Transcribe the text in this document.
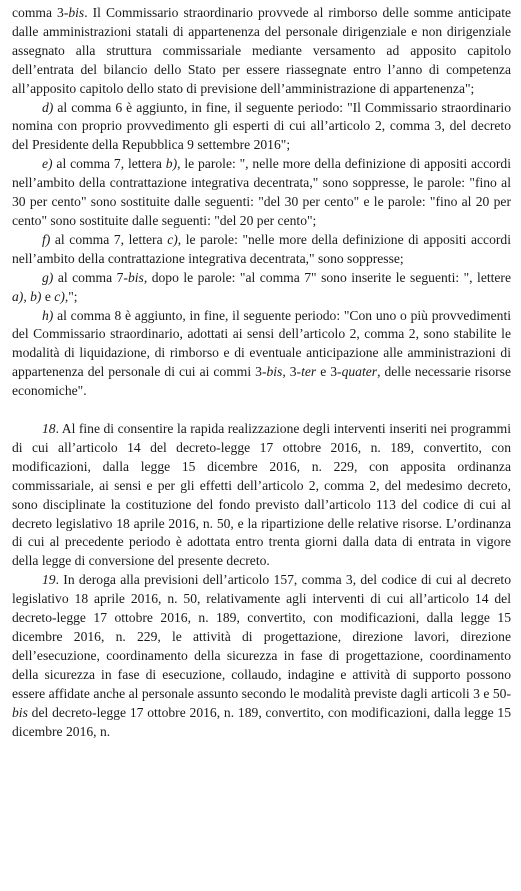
comma 3-bis. Il Commissario straordinario provvede al rimborso delle somme anticipate dalle amministrazioni statali di appartenenza del personale dirigenziale e non dirigenziale assegnato alla struttura commissariale mediante versamento ad apposito capitolo dell’entrata del bilancio dello Stato per essere riassegnate entro l’anno di competenza all’apposito capitolo dello stato di previsione dell’amministrazione di appartenenza";

d) al comma 6 è aggiunto, in fine, il seguente periodo: "Il Commissario straordinario nomina con proprio provvedimento gli esperti di cui all’articolo 2, comma 3, del decreto del Presidente della Repubblica 9 settembre 2016";

e) al comma 7, lettera b), le parole: ", nelle more della definizione di appositi accordi nell’ambito della contrattazione integrativa decentrata," sono soppresse, le parole: "fino al 30 per cento" sono sostituite dalle seguenti: "del 30 per cento" e le parole: "fino al 20 per cento" sono sostituite dalle seguenti: "del 20 per cento";

f) al comma 7, lettera c), le parole: "nelle more della definizione di appositi accordi nell’ambito della contrattazione integrativa decentrata," sono soppresse;

g) al comma 7-bis, dopo le parole: "al comma 7" sono inserite le seguenti: ", lettere a), b) e c),";

h) al comma 8 è aggiunto, in fine, il seguente periodo: "Con uno o più provvedimenti del Commissario straordinario, adottati ai sensi dell’articolo 2, comma 2, sono stabilite le modalità di liquidazione, di rimborso e di eventuale anticipazione alle amministrazioni di appartenenza del personale di cui ai commi 3-bis, 3-ter e 3-quater, delle necessarie risorse economiche".

18. Al fine di consentire la rapida realizzazione degli interventi inseriti nei programmi di cui all’articolo 14 del decreto-legge 17 ottobre 2016, n. 189, convertito, con modificazioni, dalla legge 15 dicembre 2016, n. 229, con apposita ordinanza commissariale, ai sensi e per gli effetti dell’articolo 2, comma 2, del medesimo decreto, sono disciplinate la costituzione del fondo previsto dall’articolo 113 del codice di cui al decreto legislativo 18 aprile 2016, n. 50, e la ripartizione delle relative risorse. L’ordinanza di cui al precedente periodo è adottata entro trenta giorni dalla data di entrata in vigore della legge di conversione del presente decreto.

19. In deroga alla previsioni dell’articolo 157, comma 3, del codice di cui al decreto legislativo 18 aprile 2016, n. 50, relativamente agli interventi di cui all’articolo 14 del decreto-legge 17 ottobre 2016, n. 189, convertito, con modificazioni, dalla legge 15 dicembre 2016, n. 229, le attività di progettazione, direzione lavori, direzione dell’esecuzione, coordinamento della sicurezza in fase di progettazione, coordinamento della sicurezza in fase di esecuzione, collaudo, indagine e attività di supporto possono essere affidate anche al personale assunto secondo le modalità previste dagli articoli 3 e 50-bis del decreto-legge 17 ottobre 2016, n. 189, convertito, con modificazioni, dalla legge 15 dicembre 2016, n.
